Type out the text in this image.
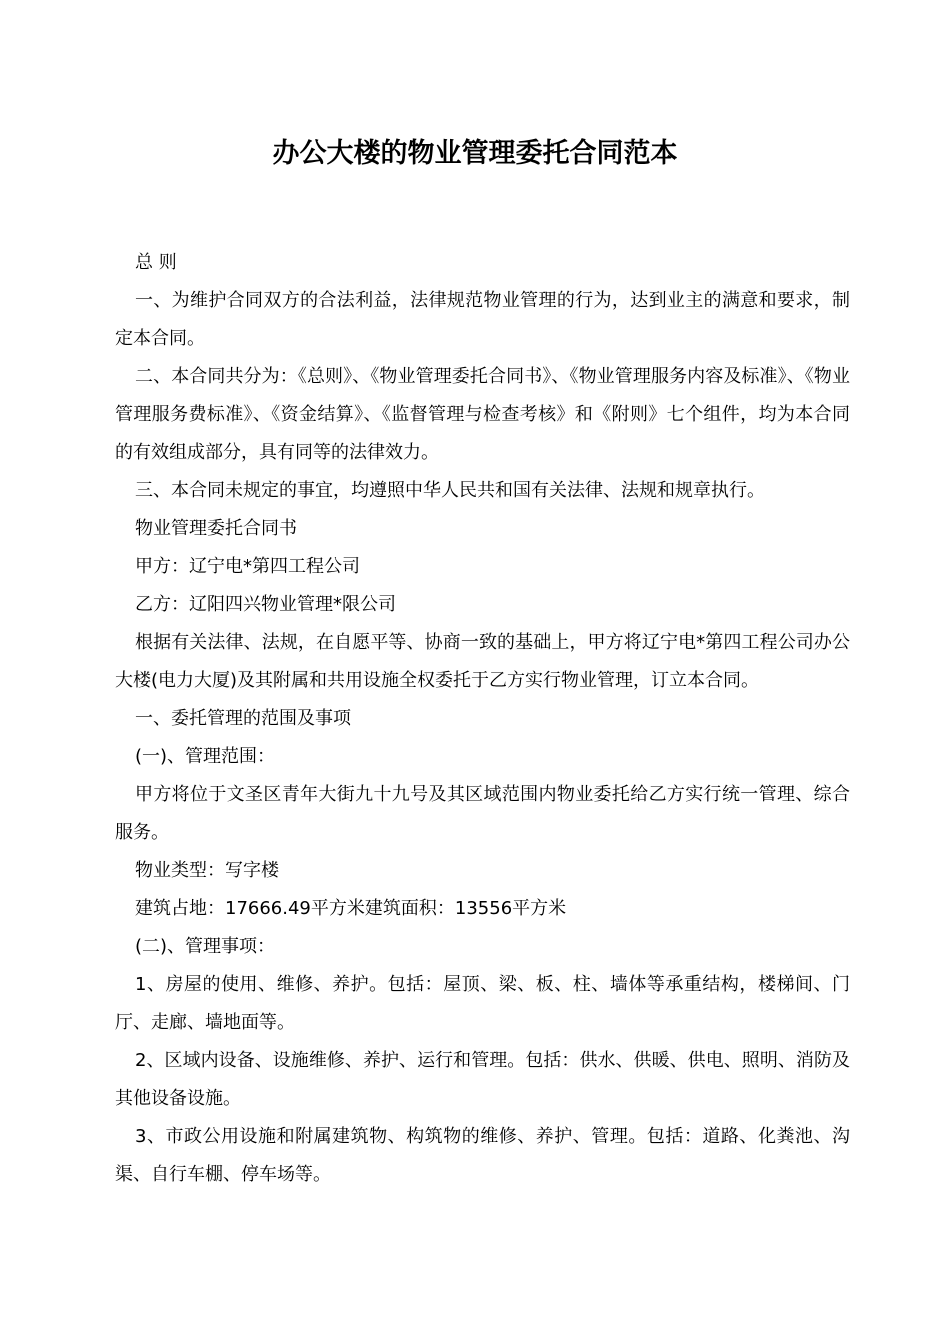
办公大楼的物业管理委托合同范本

总 则

一、为维护合同双方的合法利益，法律规范物业管理的行为，达到业主的满意和要求，制定本合同。

二、本合同共分为：《总则》、《物业管理委托合同书》、《物业管理服务内容及标准》、《物业管理服务费标准》、《资金结算》、《监督管理与检查考核》和《附则》七个组件，均为本合同的有效组成部分，具有同等的法律效力。

三、本合同未规定的事宜，均遵照中华人民共和国有关法律、法规和规章执行。

物业管理委托合同书

甲方：辽宁电*第四工程公司

乙方：辽阳四兴物业管理*限公司

根据有关法律、法规，在自愿平等、协商一致的基础上，甲方将辽宁电*第四工程公司办公大楼(电力大厦)及其附属和共用设施全权委托于乙方实行物业管理，订立本合同。

一、委托管理的范围及事项

(一)、管理范围：

甲方将位于文圣区青年大街九十九号及其区域范围内物业委托给乙方实行统一管理、综合服务。

物业类型：写字楼

建筑占地：17666.49平方米建筑面积：13556平方米

(二)、管理事项：

1、房屋的使用、维修、养护。包括：屋顶、梁、板、柱、墙体等承重结构，楼梯间、门厅、走廊、墙地面等。

2、区域内设备、设施维修、养护、运行和管理。包括：供水、供暖、供电、照明、消防及其他设备设施。

3、市政公用设施和附属建筑物、构筑物的维修、养护、管理。包括：道路、化粪池、沟渠、自行车棚、停车场等。
